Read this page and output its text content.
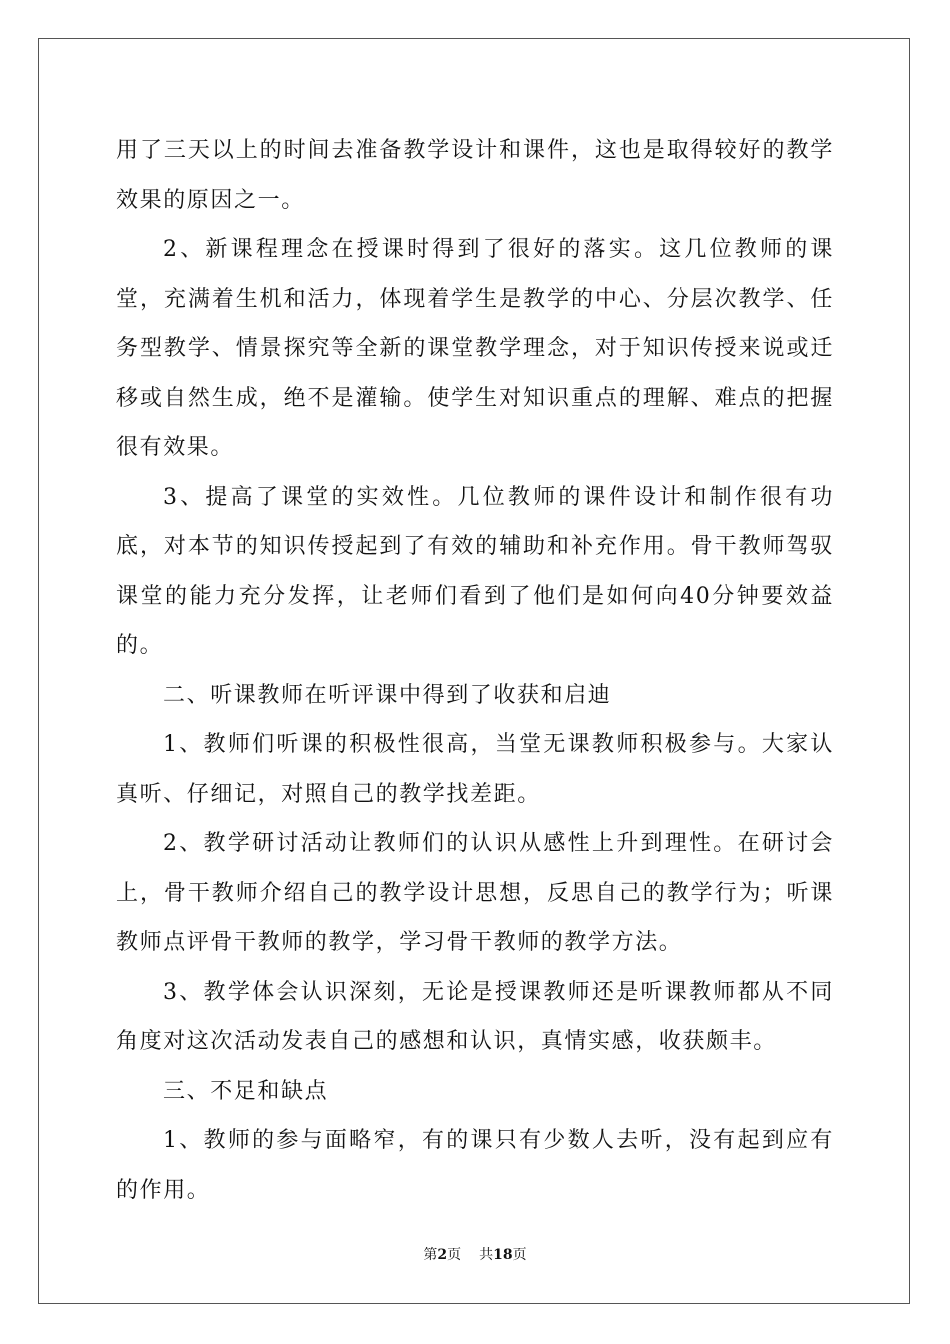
用了三天以上的时间去准备教学设计和课件，这也是取得较好的教学效果的原因之一。

2、新课程理念在授课时得到了很好的落实。这几位教师的课堂，充满着生机和活力，体现着学生是教学的中心、分层次教学、任务型教学、情景探究等全新的课堂教学理念，对于知识传授来说或迁移或自然生成，绝不是灌输。使学生对知识重点的理解、难点的把握很有效果。

3、提高了课堂的实效性。几位教师的课件设计和制作很有功底，对本节的知识传授起到了有效的辅助和补充作用。骨干教师驾驭课堂的能力充分发挥，让老师们看到了他们是如何向40分钟要效益的。

二、听课教师在听评课中得到了收获和启迪

1、教师们听课的积极性很高，当堂无课教师积极参与。大家认真听、仔细记，对照自己的教学找差距。

2、教学研讨活动让教师们的认识从感性上升到理性。在研讨会上，骨干教师介绍自己的教学设计思想，反思自己的教学行为；听课教师点评骨干教师的教学，学习骨干教师的教学方法。

3、教学体会认识深刻，无论是授课教师还是听课教师都从不同角度对这次活动发表自己的感想和认识，真情实感，收获颇丰。

三、不足和缺点

1、教师的参与面略窄，有的课只有少数人去听，没有起到应有的作用。

第2页 共18页
